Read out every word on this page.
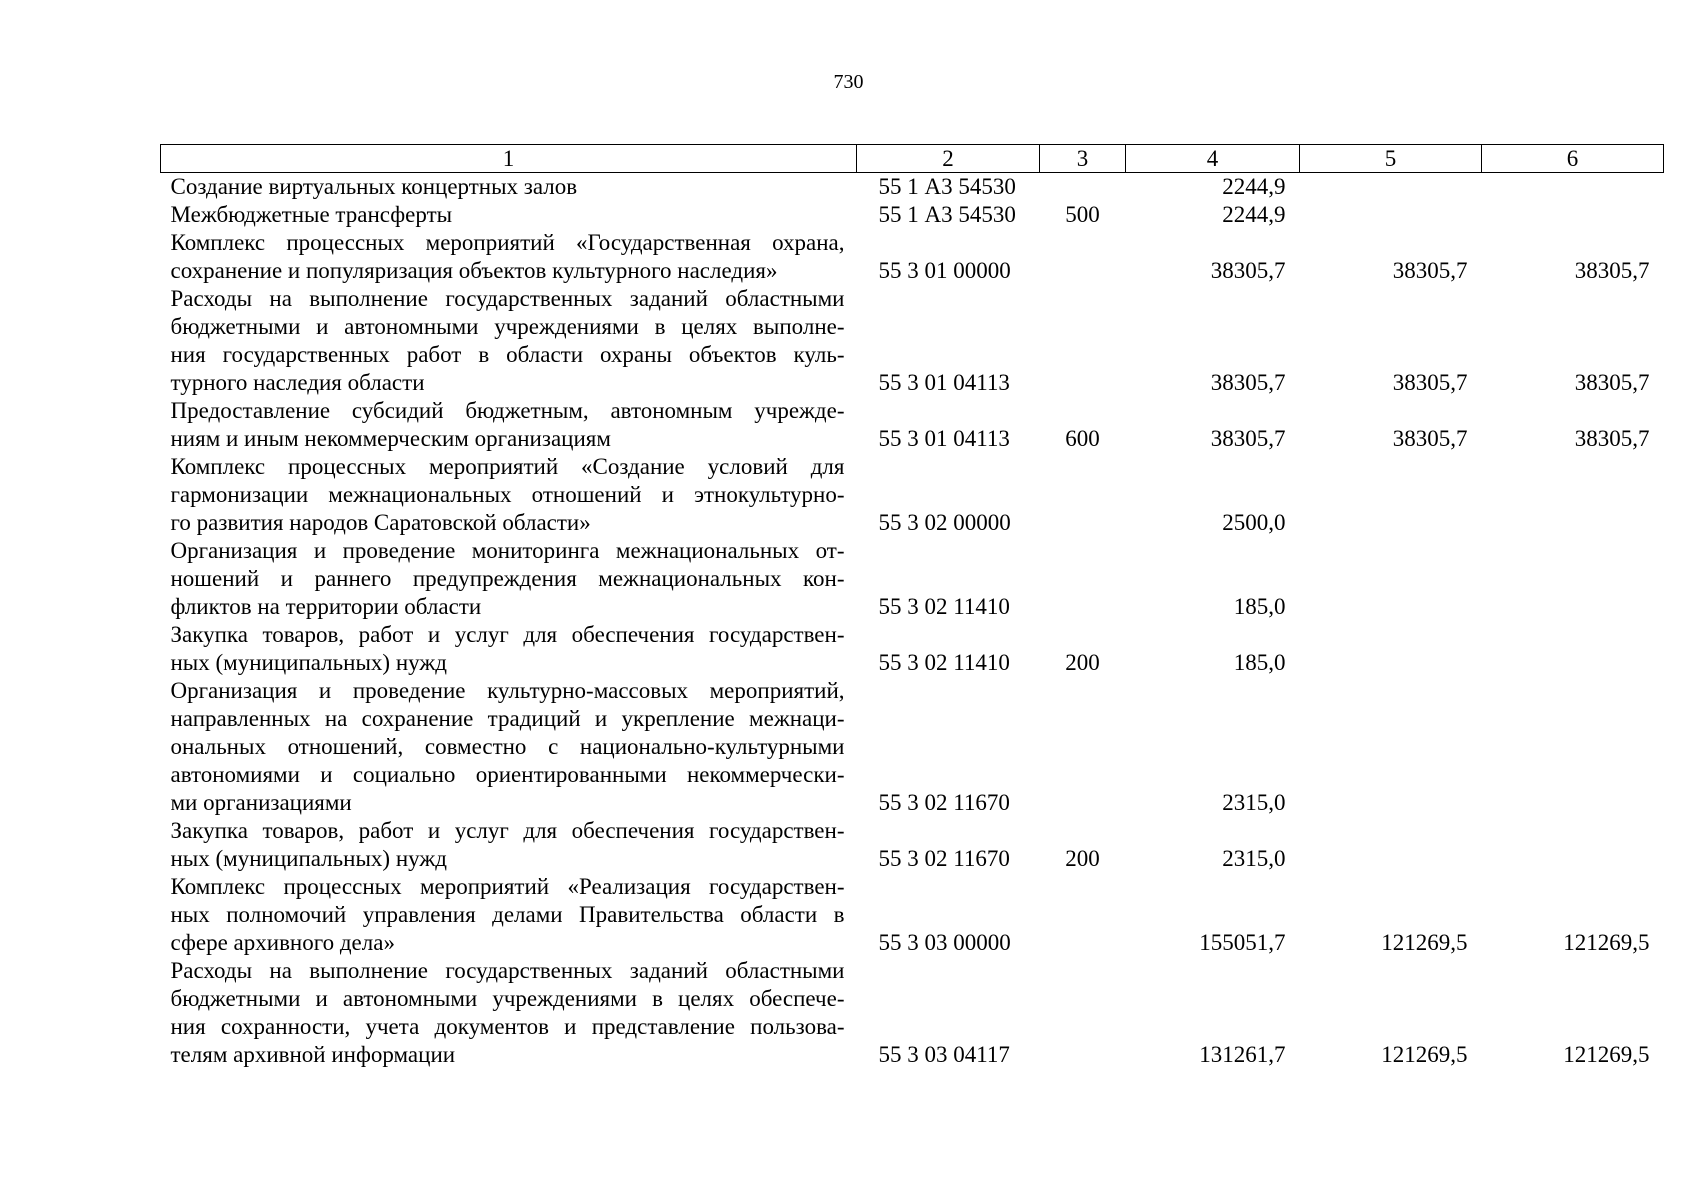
730
1	2	3	4	5	6

Создание виртуальных концертных залов	55 1 А3 54530		2244,9		

Межбюджетные трансферты	55 1 А3 54530	500	2244,9		

Комплекс процессных мероприятий «Государственная охрана,
сохранение и популяризация объектов культурного наследия»	55 3 01 00000		38305,7	38305,7	38305,7

Расходы на выполнение государственных заданий областными
бюджетными и автономными учреждениями в целях выполне-
ния государственных работ в области охраны объектов куль-
турного наследия области	55 3 01 04113		38305,7	38305,7	38305,7

Предоставление субсидий бюджетным, автономным учрежде-
ниям и иным некоммерческим организациям	55 3 01 04113	600	38305,7	38305,7	38305,7

Комплекс процессных мероприятий «Создание условий для
гармонизации межнациональных отношений и этнокультурно-
го развития народов Саратовской области»	55 3 02 00000		2500,0		

Организация и проведение мониторинга межнациональных от-
ношений и раннего предупреждения межнациональных кон-
фликтов на территории области	55 3 02 11410		185,0		

Закупка товаров, работ и услуг для обеспечения государствен-
ных (муниципальных) нужд	55 3 02 11410	200	185,0		

Организация и проведение культурно-массовых мероприятий,
направленных на сохранение традиций и укрепление межнаци-
ональных отношений, совместно с национально-культурными
автономиями и социально ориентированными некоммерчески-
ми организациями	55 3 02 11670		2315,0		

Закупка товаров, работ и услуг для обеспечения государствен-
ных (муниципальных) нужд	55 3 02 11670	200	2315,0		

Комплекс процессных мероприятий «Реализация государствен-
ных полномочий управления делами Правительства области в
сфере архивного дела»	55 3 03 00000		155051,7	121269,5	121269,5

Расходы на выполнение государственных заданий областными
бюджетными и автономными учреждениями в целях обеспече-
ния сохранности, учета документов и представление пользова-
телям архивной информации	55 3 03 04117		131261,7	121269,5	121269,5
